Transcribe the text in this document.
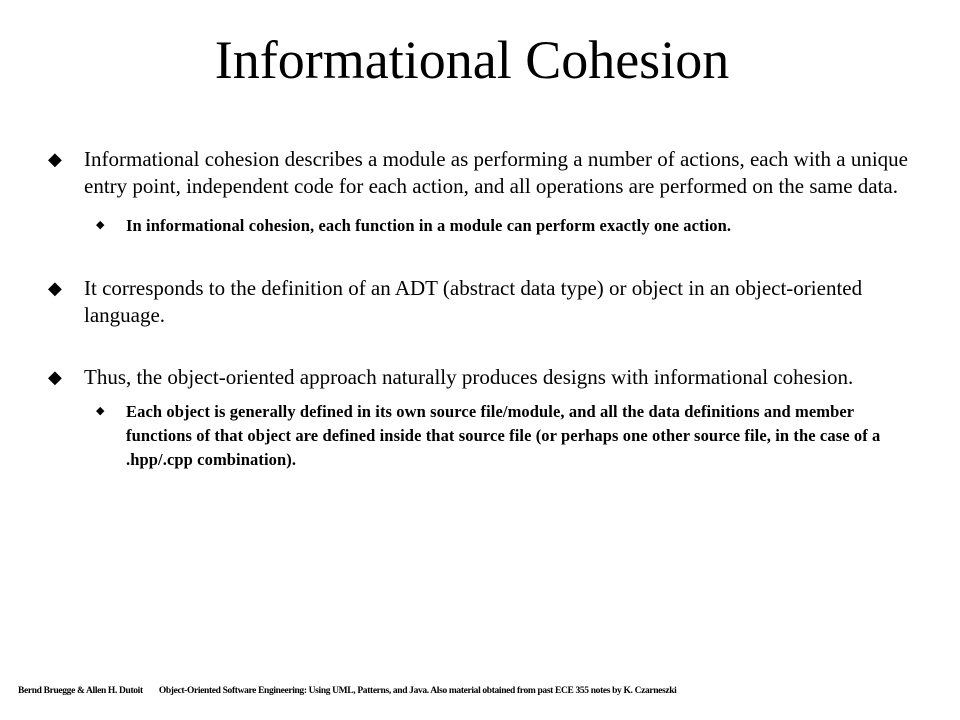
Informational Cohesion
◆ Informational cohesion describes a module as performing a number of actions, each with a unique entry point, independent code for each action, and all operations are performed on the same data.
◆ In informational cohesion, each function in a module can perform exactly one action.
◆ It corresponds to the definition of an ADT (abstract data type) or object in an object-oriented language.
◆ Thus, the object-oriented approach naturally produces designs with informational cohesion.
◆ Each object is generally defined in its own source file/module, and all the data definitions and member functions of that object are defined inside that source file (or perhaps one other source file, in the case of a .hpp/.cpp combination).
Bernd Bruegge & Allen H. Dutoit Object-Oriented Software Engineering: Using UML, Patterns, and Java. Also material obtained from past ECE 355 notes by K. Czarneszki
